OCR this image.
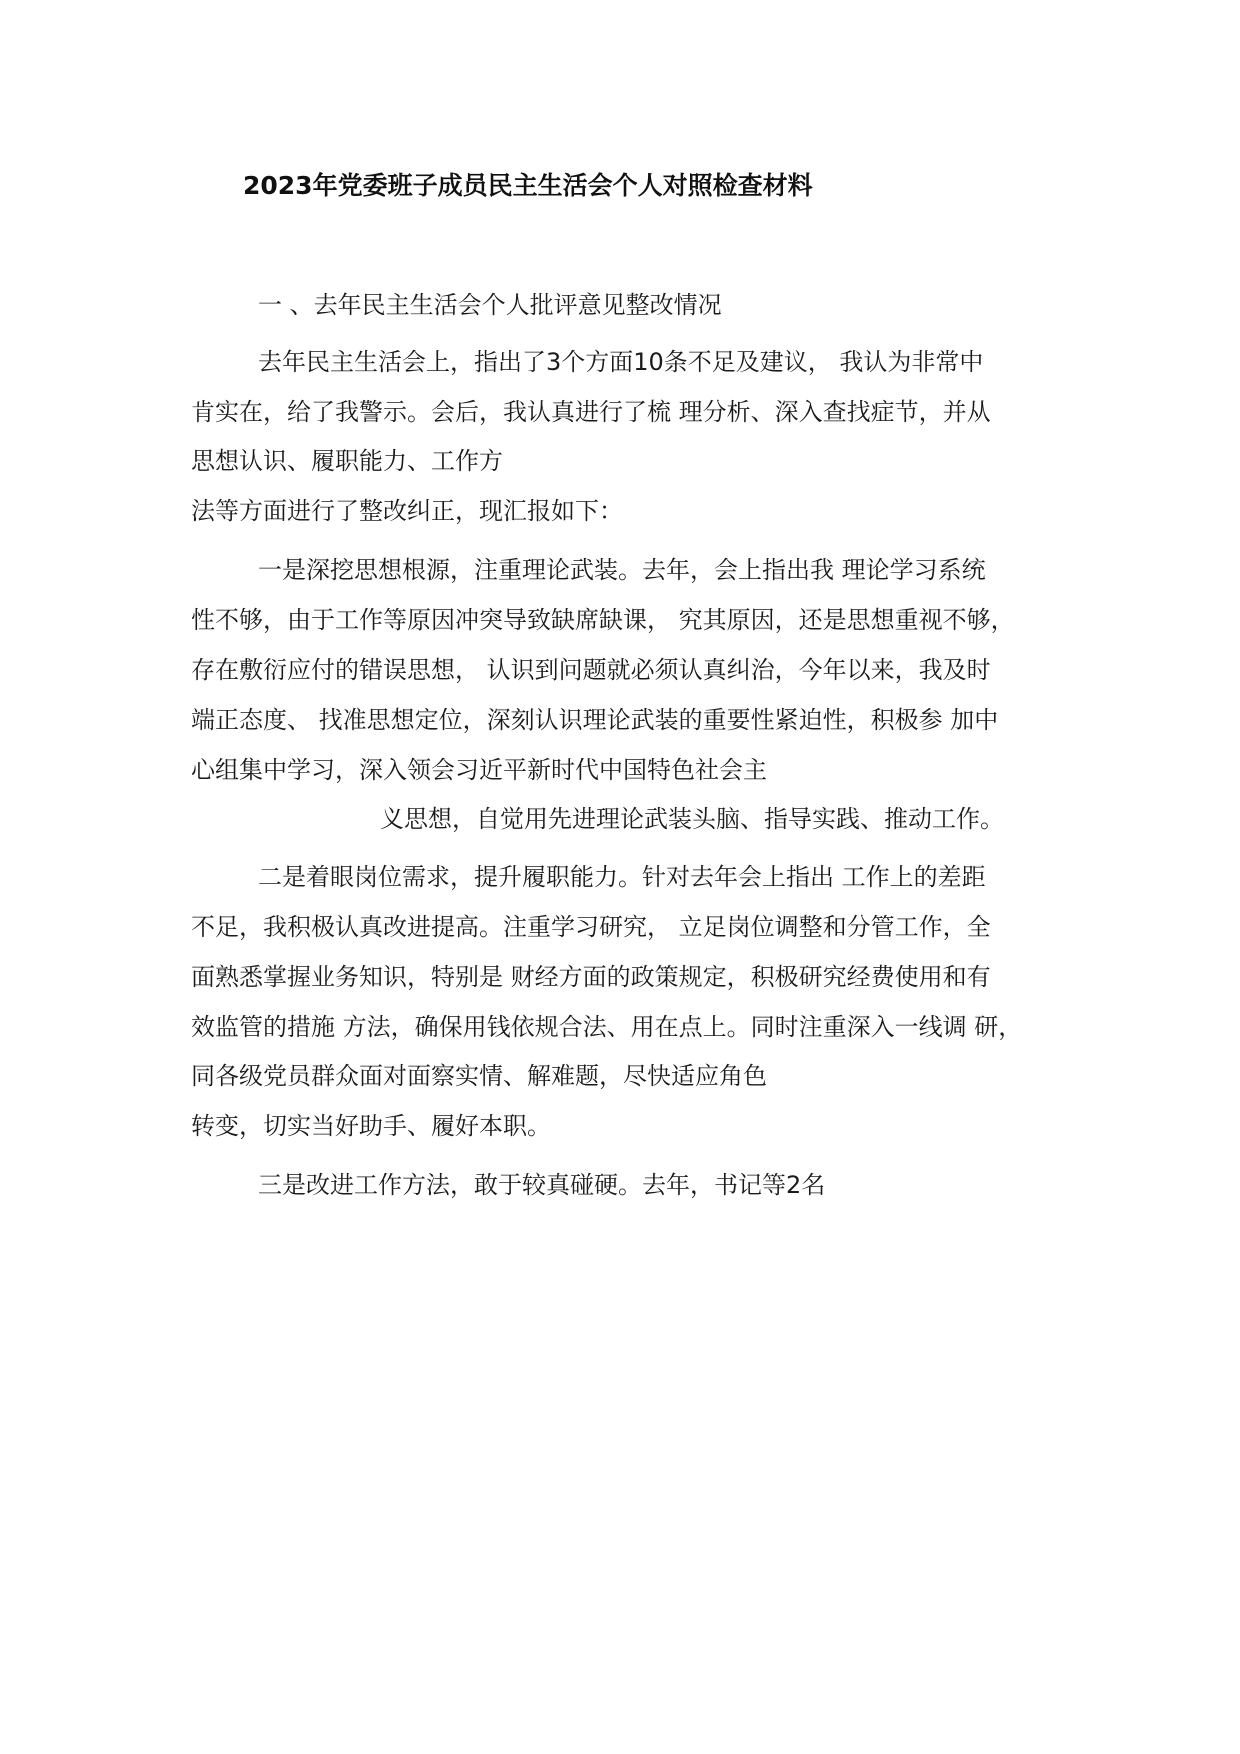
2023年党委班子成员民主生活会个人对照检查材料
一 、去年民主生活会个人批评意见整改情况
去年民主生活会上，指出了3个方面10条不足及建议， 我认为非常中
肯实在，给了我警示。会后，我认真进行了梳 理分析、深入查找症节，并从
思想认识、履职能力、工作方
法等方面进行了整改纠正，现汇报如下：
一是深挖思想根源，注重理论武装。去年，会上指出我 理论学习系统
性不够，由于工作等原因冲突导致缺席缺课， 究其原因，还是思想重视不够，
存在敷衍应付的错误思想， 认识到问题就必须认真纠治，今年以来，我及时
端正态度、 找准思想定位，深刻认识理论武装的重要性紧迫性，积极参 加中
心组集中学习，深入领会习近平新时代中国特色社会主
义思想，自觉用先进理论武装头脑、指导实践、推动工作。
二是着眼岗位需求，提升履职能力。针对去年会上指出 工作上的差距
不足，我积极认真改进提高。注重学习研究， 立足岗位调整和分管工作，全
面熟悉掌握业务知识，特别是 财经方面的政策规定，积极研究经费使用和有
效监管的措施 方法，确保用钱依规合法、用在点上。同时注重深入一线调 研，
同各级党员群众面对面察实情、解难题，尽快适应角色
转变，切实当好助手、履好本职。
三是改进工作方法，敢于较真碰硬。去年，书记等2名
